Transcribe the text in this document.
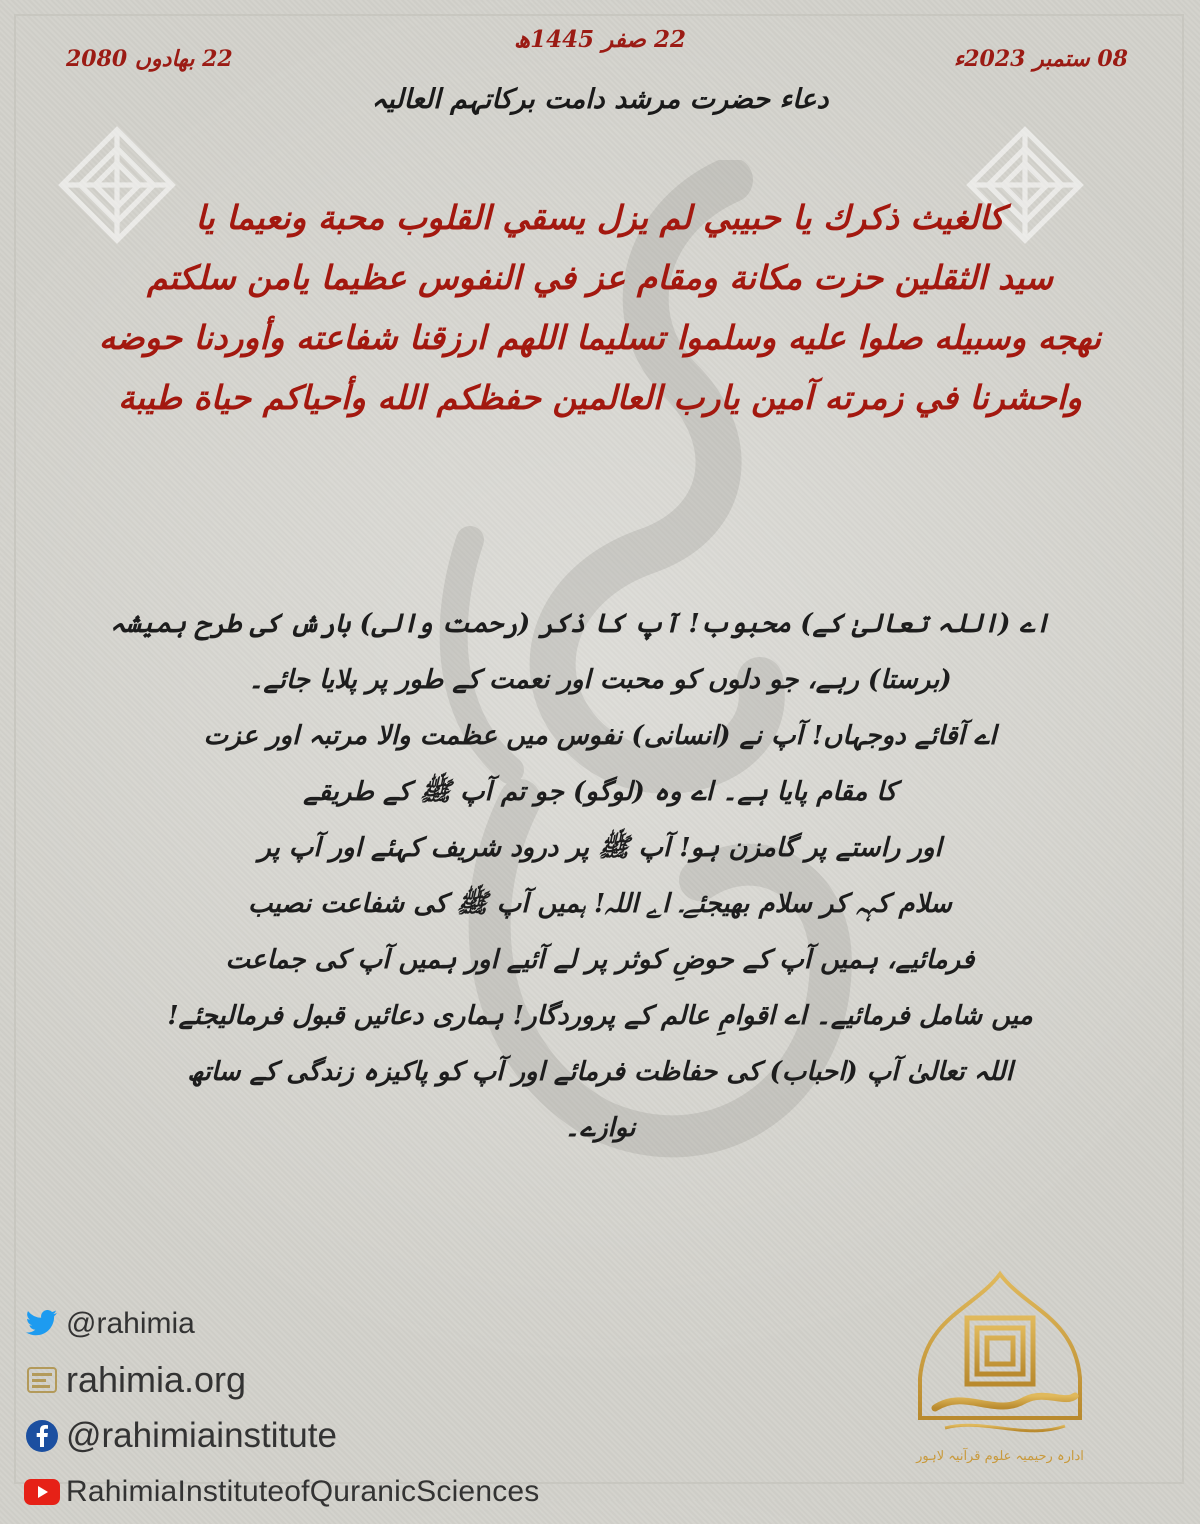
22 صفر 1445ھ
22 بھادوں 2080	08 ستمبر 2023ء
دعاء حضرت مرشد دامت برکاتہم العالیہ
كالغيث ذكرك يا حبيبي لم يزل يسقي القلوب محبة ونعيما يا
سيد الثقلين حزت مكانة ومقام عز في النفوس عظيما يامن سلكتم
نهجه وسبيله صلوا عليه وسلموا تسليما اللهم ارزقنا شفاعته وأوردنا حوضه
واحشرنا في زمرته آمين يارب العالمين حفظكم الله وأحياكم حياة طيبة
اے (اللہ تعالیٰ کے) محبوب! آپ کا ذکر (رحمت والی) بارش کی طرح ہمیشہ
(برستا) رہے، جو دلوں کو محبت اور نعمت کے طور پر پلایا جائے۔
اے آقائے دوجہاں! آپ نے (انسانی) نفوس میں عظمت والا مرتبہ اور عزت
کا مقام پایا ہے۔ اے وہ (لوگو) جو تم آپ ﷺ کے طریقے
اور راستے پر گامزن ہو! آپ ﷺ پر درود شریف کہئے اور آپ پر
سلام کہہ کر سلام بھیجئے۔ اے اللہ! ہمیں آپ ﷺ کی شفاعت نصیب
فرمائیے، ہمیں آپ کے حوضِ کوثر پر لے آئیے اور ہمیں آپ کی جماعت
میں شامل فرمائیے۔ اے اقوامِ عالم کے پروردگار! ہماری دعائیں قبول فرمالیجئے!
اللہ تعالیٰ آپ (احباب) کی حفاظت فرمائے اور آپ کو پاکیزہ زندگی کے ساتھ
نوازے۔
@rahimia
rahimia.org
@rahimiainstitute
RahimiaInstituteofQuranicSciences
ادارہ رحیمیہ علوم قرآنیہ لاہور
